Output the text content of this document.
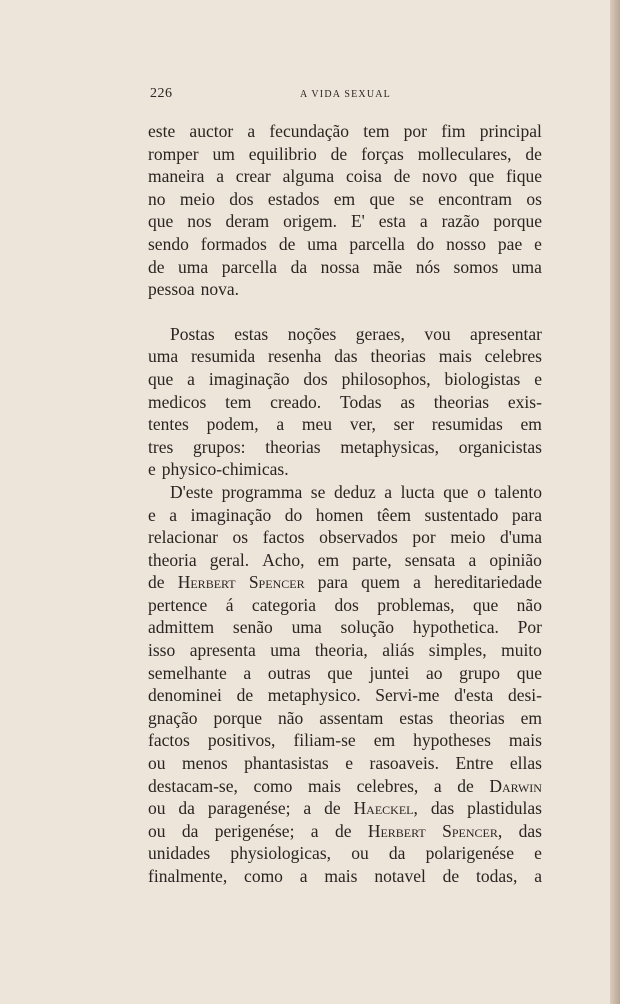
226	A VIDA SEXUAL
este auctor a fecundação tem por fim principal
romper um equilibrio de forças molleculares, de
maneira a crear alguma coisa de novo que fique
no meio dos estados em que se encontram os
que nos deram origem. E' esta a razão porque
sendo formados de uma parcella do nosso pae e
de uma parcella da nossa mãe nós somos uma
pessoa nova.
Postas estas noções geraes, vou apresentar
uma resumida resenha das theorias mais celebres
que a imaginação dos philosophos, biologistas e
medicos tem creado. Todas as theorias exis-
tentes podem, a meu ver, ser resumidas em
tres grupos: theorias metaphysicas, organicistas
e physico-chimicas.
D'este programma se deduz a lucta que o talento
e a imaginação do homen têem sustentado para
relacionar os factos observados por meio d'uma
theoria geral. Acho, em parte, sensata a opinião
de Herbert Spencer para quem a hereditariedade
pertence á categoria dos problemas, que não
admittem senão uma solução hypothetica. Por
isso apresenta uma theoria, aliás simples, muito
semelhante a outras que juntei ao grupo que
denominei de metaphysico. Servi-me d'esta desi-
gnação porque não assentam estas theorias em
factos positivos, filiam-se em hypotheses mais
ou menos phantasistas e rasoaveis. Entre ellas
destacam-se, como mais celebres, a de Darwin
ou da paragenése; a de Haeckel, das plastidulas
ou da perigenése; a de Herbert Spencer, das
unidades physiologicas, ou da polarigenése e
finalmente, como a mais notavel de todas, a
